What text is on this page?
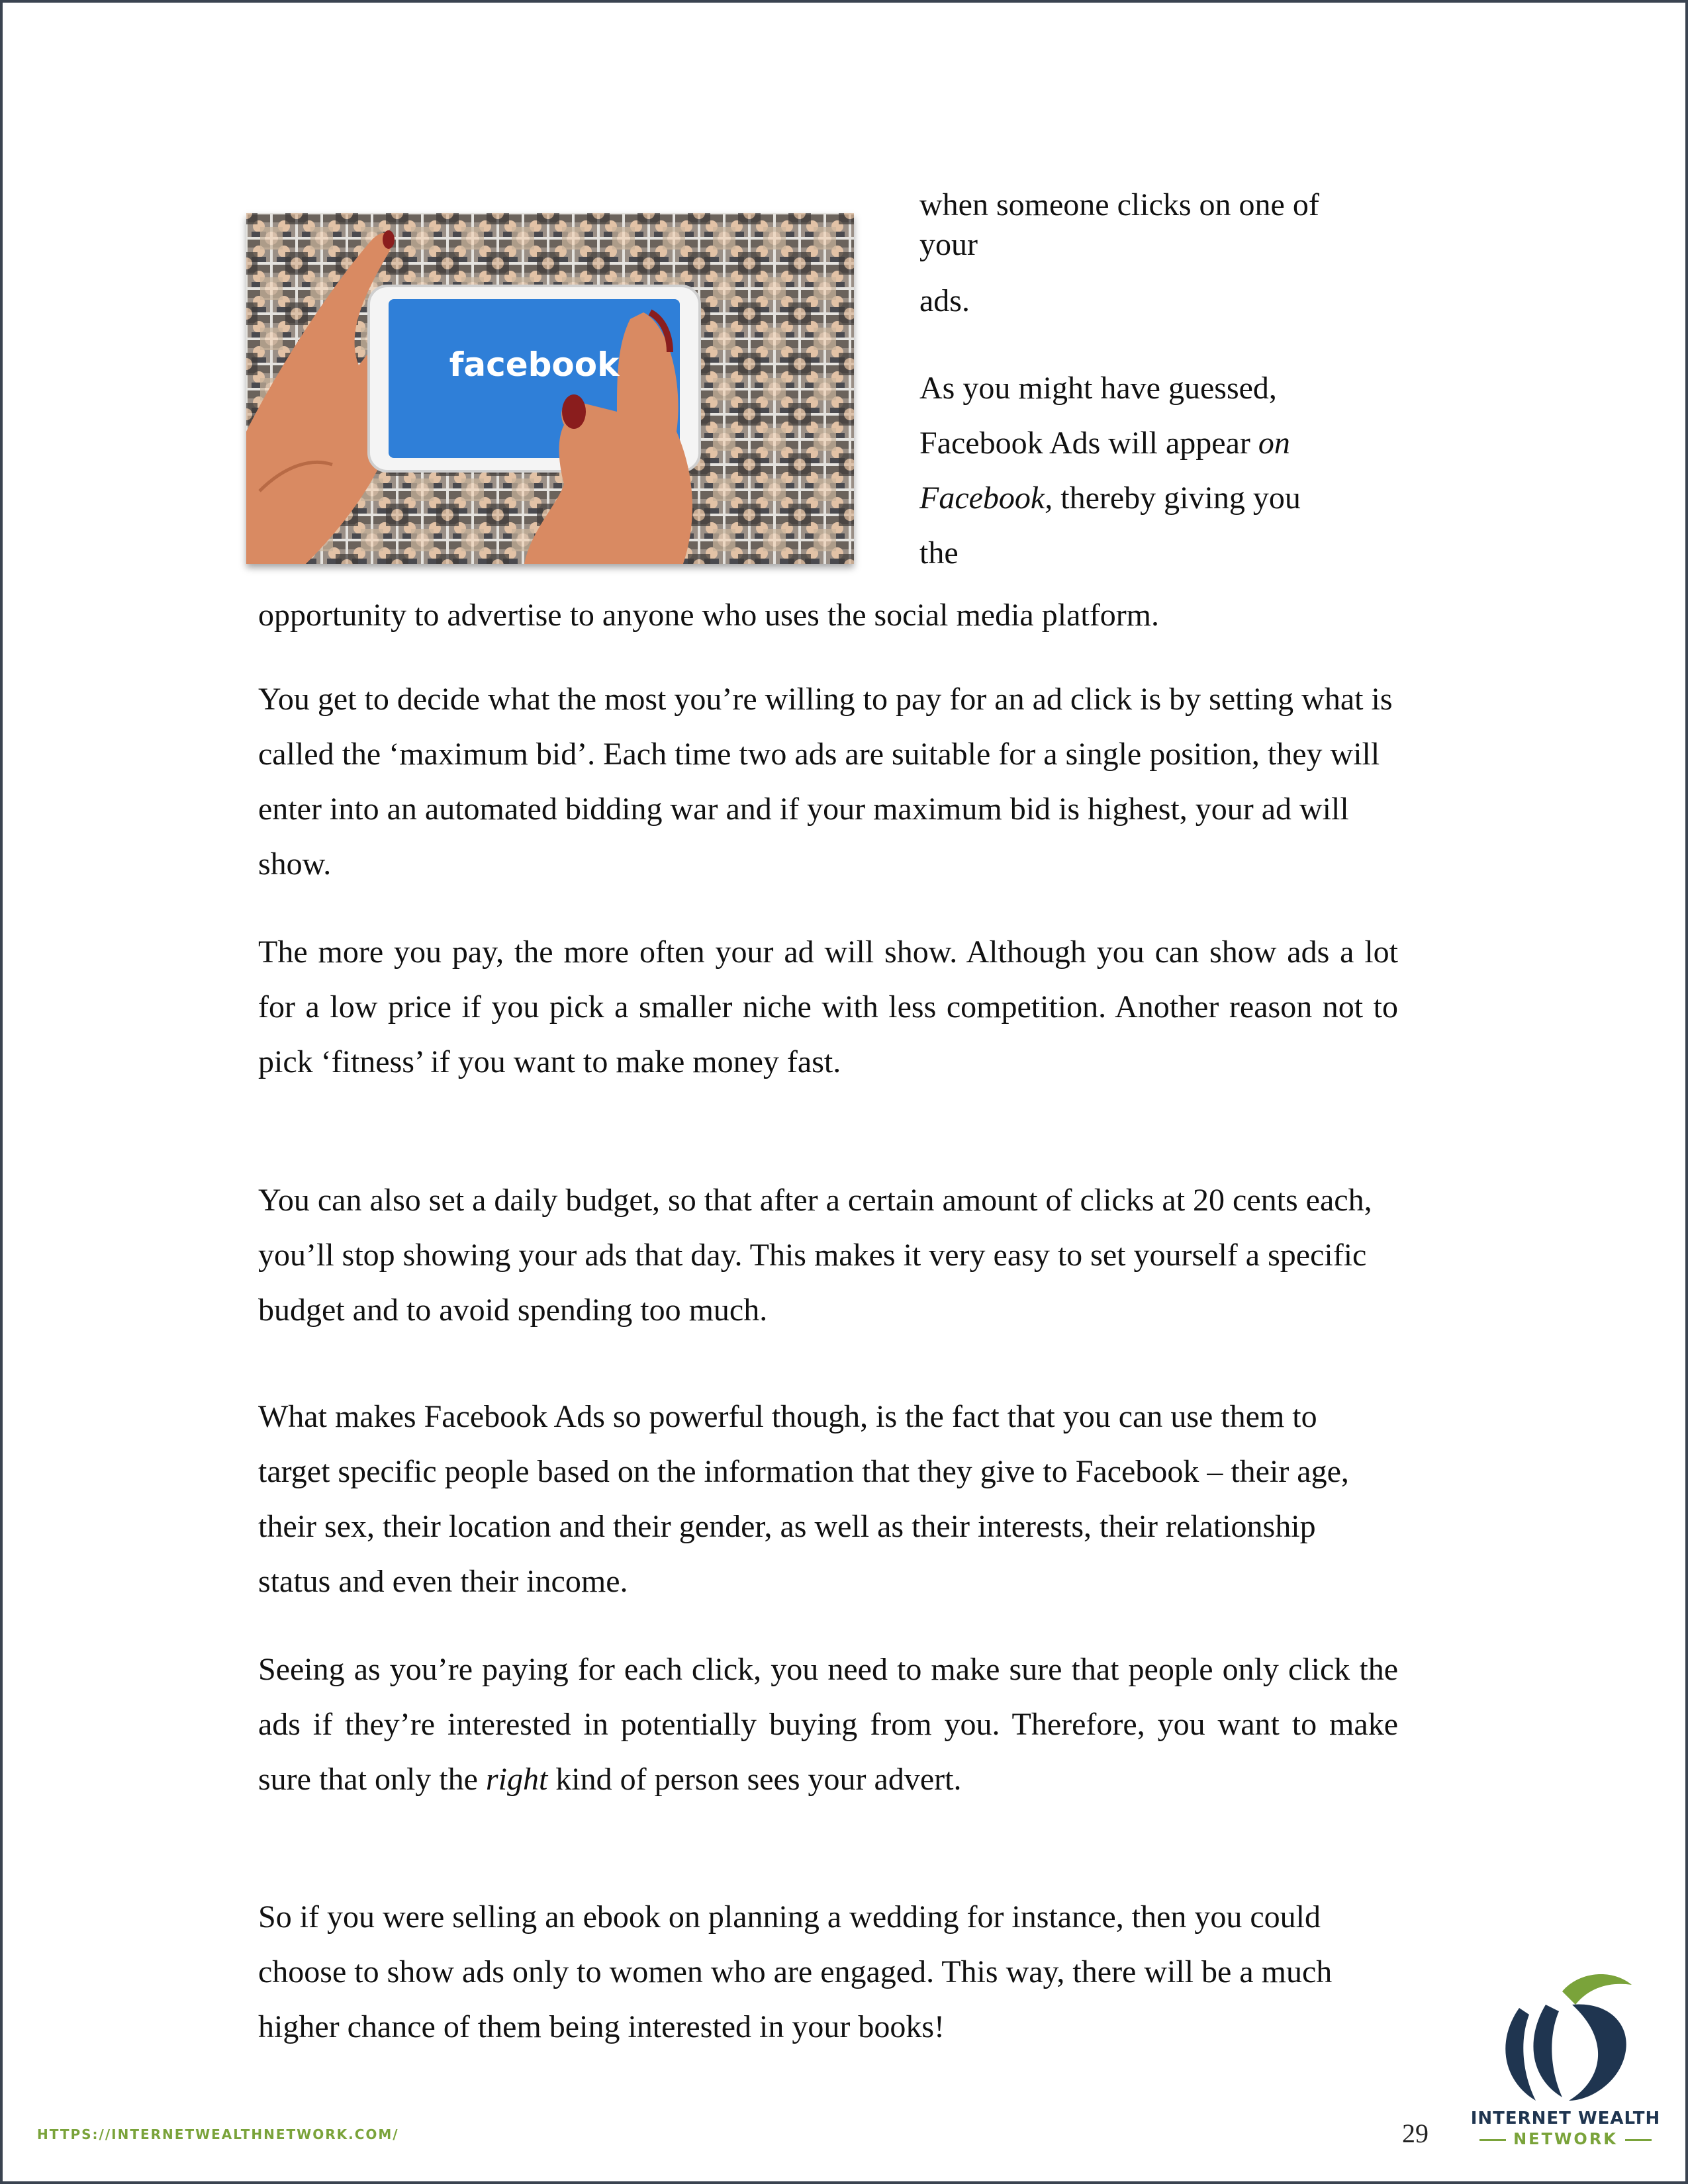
facebook

when someone clicks on one of

your

ads.

As you might have guessed,

Facebook Ads will appear on

Facebook, thereby giving you

the

opportunity to advertise to anyone who uses the social media platform.

You get to decide what the most you’re willing to pay for an ad click is by setting what is called the ‘maximum bid’. Each time two ads are suitable for a single position, they will enter into an automated bidding war and if your maximum bid is highest, your ad will show.

The more you pay, the more often your ad will show. Although you can show ads a lot for a low price if you pick a smaller niche with less competition. Another reason not to pick ‘fitness’ if you want to make money fast.

You can also set a daily budget, so that after a certain amount of clicks at 20 cents each, you’ll stop showing your ads that day. This makes it very easy to set yourself a specific budget and to avoid spending too much.

What makes Facebook Ads so powerful though, is the fact that you can use them to target specific people based on the information that they give to Facebook – their age, their sex, their location and their gender, as well as their interests, their relationship status and even their income.

Seeing as you’re paying for each click, you need to make sure that people only click the ads if they’re interested in potentially buying from you. Therefore, you want to make sure that only the right kind of person sees your advert.

So if you were selling an ebook on planning a wedding for instance, then you could choose to show ads only to women who are engaged. This way, there will be a much higher chance of them being interested in your books!

HTTPS://INTERNETWEALTHNETWORK.COM/	29	INTERNET WEALTH
NETWORK
